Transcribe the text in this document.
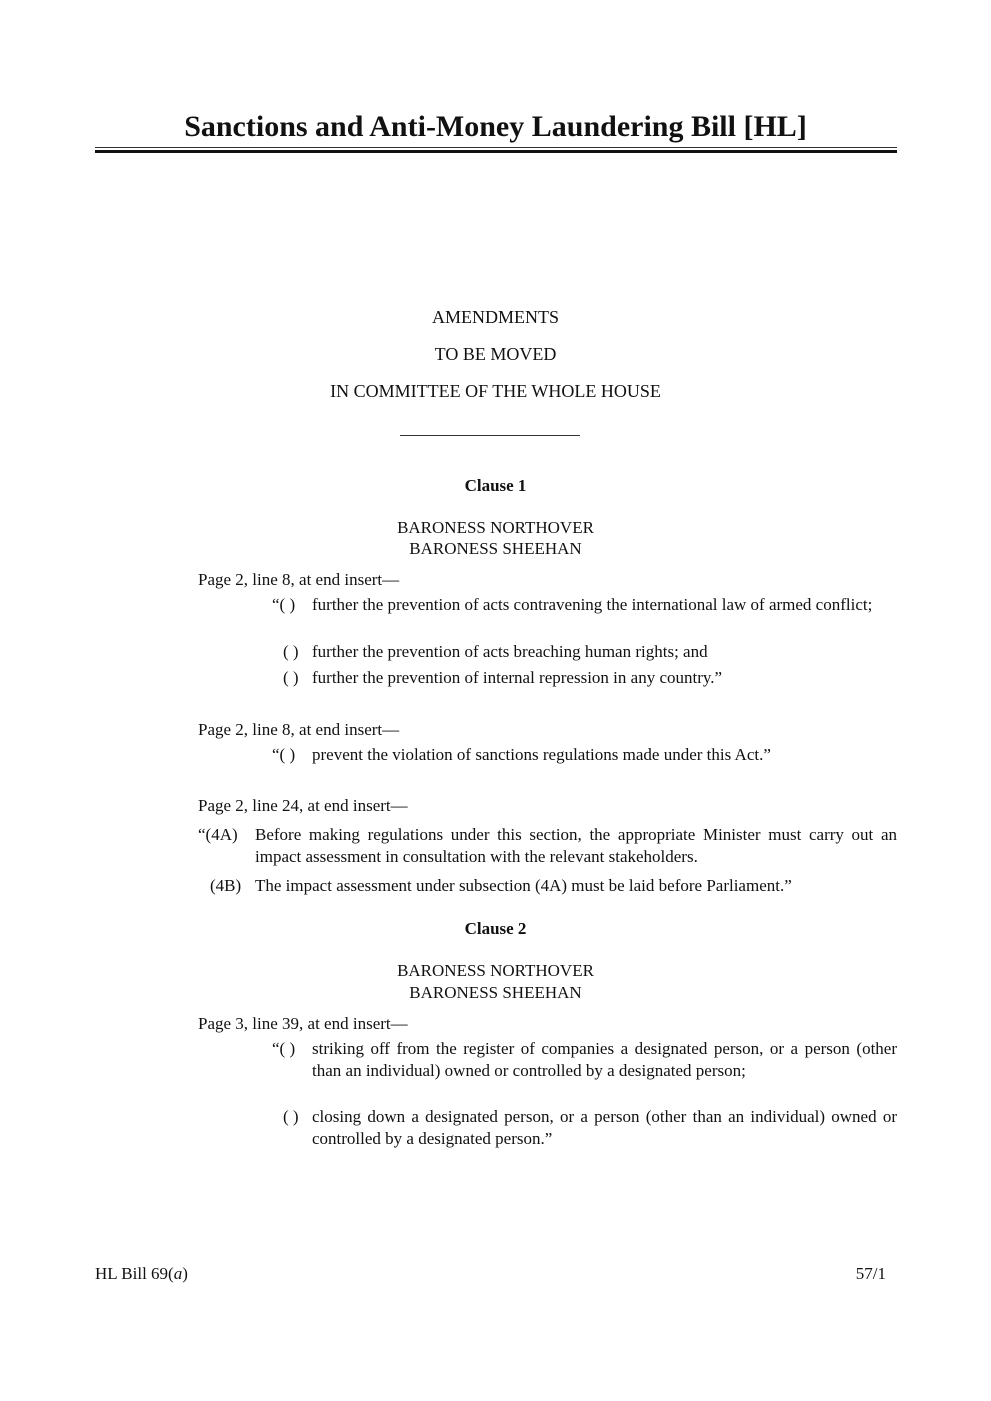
Sanctions and Anti-Money Laundering Bill [HL]
AMENDMENTS
TO BE MOVED
IN COMMITTEE OF THE WHOLE HOUSE
Clause 1
BARONESS NORTHOVER
BARONESS SHEEHAN
Page 2, line 8, at end insert—
“( ) further the prevention of acts contravening the international law of armed conflict;
( ) further the prevention of acts breaching human rights; and
( ) further the prevention of internal repression in any country.”
Page 2, line 8, at end insert—
“( ) prevent the violation of sanctions regulations made under this Act.”
Page 2, line 24, at end insert—
“(4A) Before making regulations under this section, the appropriate Minister must carry out an impact assessment in consultation with the relevant stakeholders.
(4B) The impact assessment under subsection (4A) must be laid before Parliament.”
Clause 2
BARONESS NORTHOVER
BARONESS SHEEHAN
Page 3, line 39, at end insert—
“( ) striking off from the register of companies a designated person, or a person (other than an individual) owned or controlled by a designated person;
( ) closing down a designated person, or a person (other than an individual) owned or controlled by a designated person.”
HL Bill 69(a)	57/1
